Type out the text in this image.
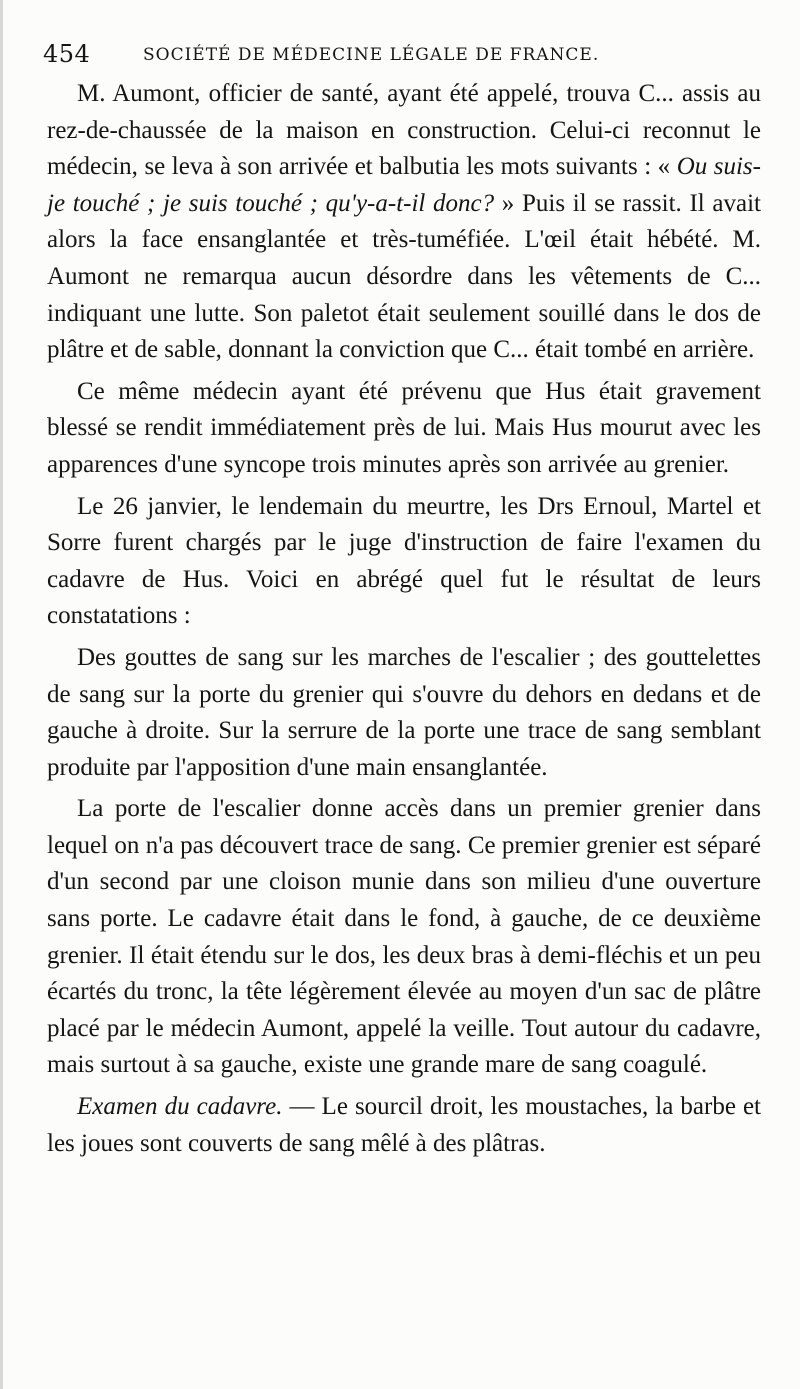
454	SOCIÉTÉ DE MÉDECINE LÉGALE DE FRANCE.

M. Aumont, officier de santé, ayant été appelé, trouva C... assis au rez-de-chaussée de la maison en construction. Celui-ci reconnut le médecin, se leva à son arrivée et balbutia les mots suivants : « Ou suis-je touché ; je suis touché ; qu'y-a-t-il donc? » Puis il se rassit. Il avait alors la face ensanglantée et très-tuméfiée. L'œil était hébété. M. Aumont ne remarqua aucun désordre dans les vêtements de C... indiquant une lutte. Son paletot était seulement souillé dans le dos de plâtre et de sable, donnant la conviction que C... était tombé en arrière.

Ce même médecin ayant été prévenu que Hus était gravement blessé se rendit immédiatement près de lui. Mais Hus mourut avec les apparences d'une syncope trois minutes après son arrivée au grenier.

Le 26 janvier, le lendemain du meurtre, les Drs Ernoul, Martel et Sorre furent chargés par le juge d'instruction de faire l'examen du cadavre de Hus. Voici en abrégé quel fut le résultat de leurs constatations :

Des gouttes de sang sur les marches de l'escalier ; des gouttelettes de sang sur la porte du grenier qui s'ouvre du dehors en dedans et de gauche à droite. Sur la serrure de la porte une trace de sang semblant produite par l'apposition d'une main ensanglantée.

La porte de l'escalier donne accès dans un premier grenier dans lequel on n'a pas découvert trace de sang. Ce premier grenier est séparé d'un second par une cloison munie dans son milieu d'une ouverture sans porte. Le cadavre était dans le fond, à gauche, de ce deuxième grenier. Il était étendu sur le dos, les deux bras à demi-fléchis et un peu écartés du tronc, la tête légèrement élevée au moyen d'un sac de plâtre placé par le médecin Aumont, appelé la veille. Tout autour du cadavre, mais surtout à sa gauche, existe une grande mare de sang coagulé.

Examen du cadavre. — Le sourcil droit, les moustaches, la barbe et les joues sont couverts de sang mêlé à des plâtras.
